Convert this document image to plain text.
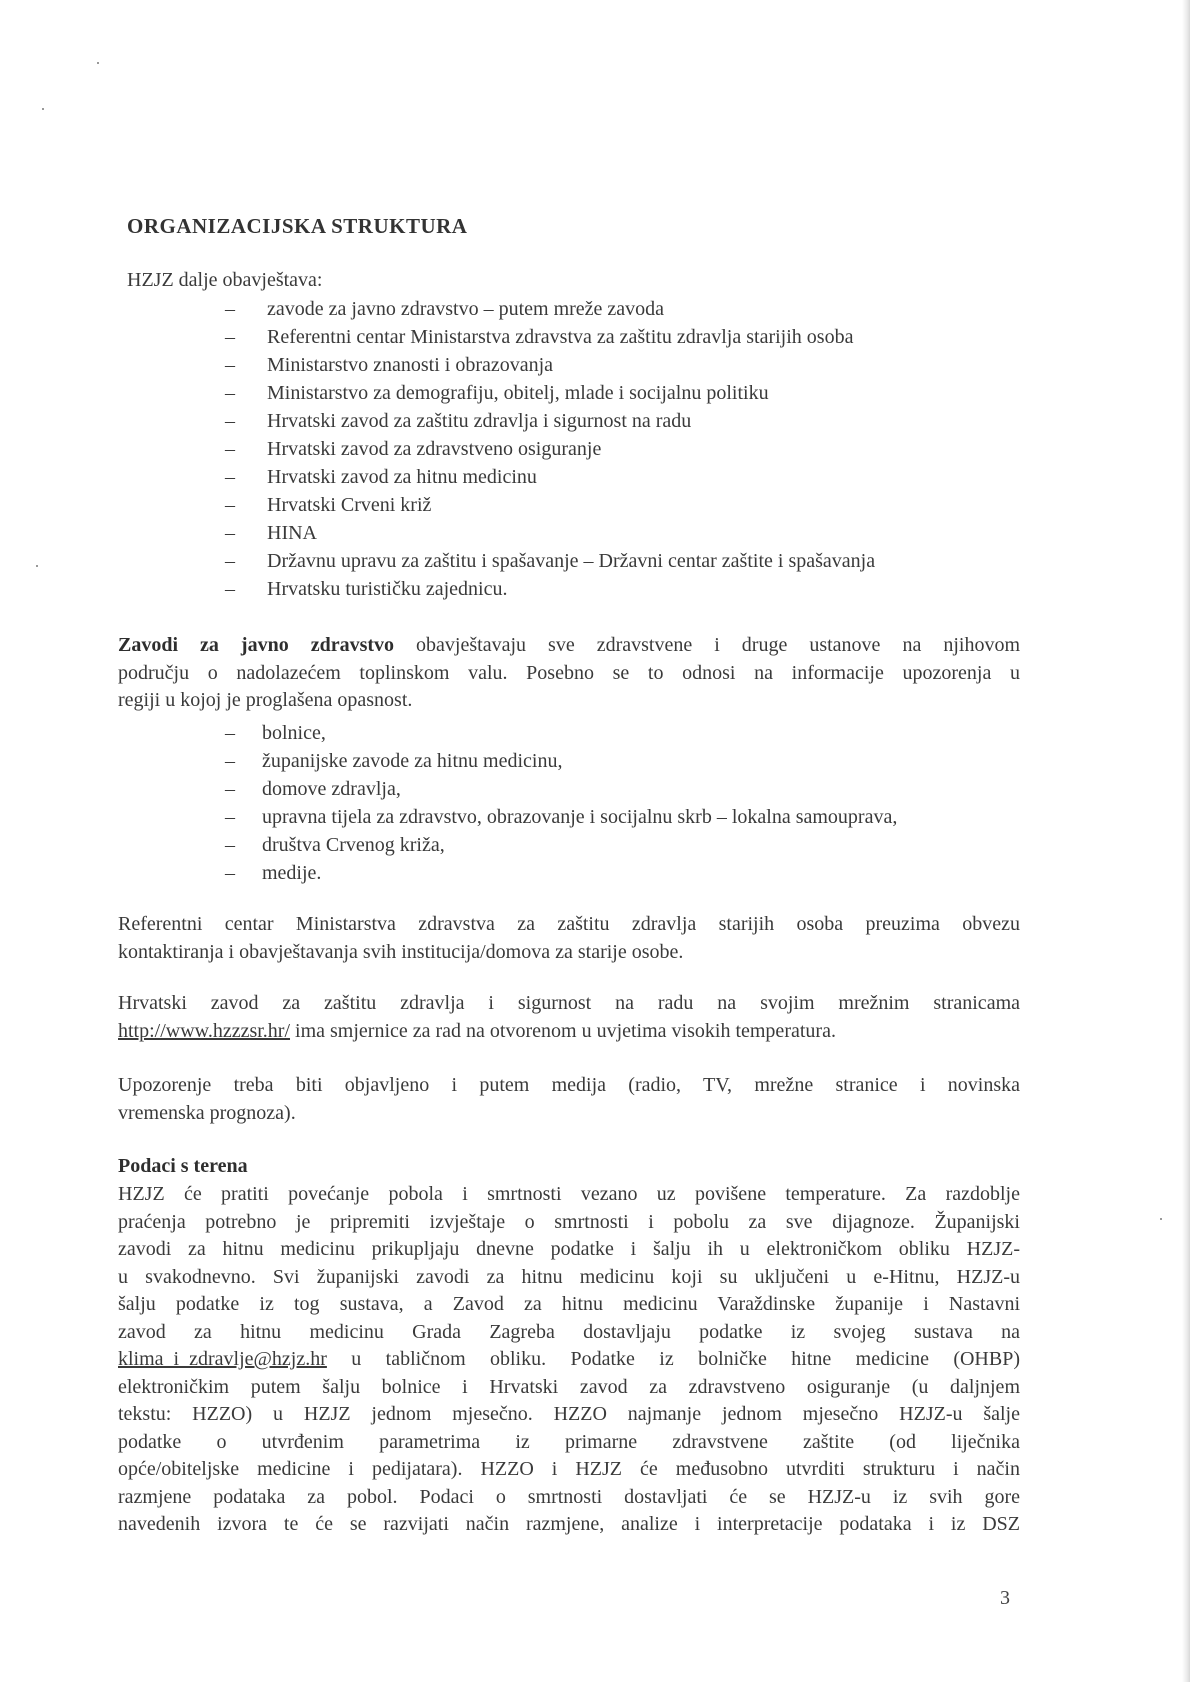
ORGANIZACIJSKA STRUKTURA
HZJZ dalje obavještava:
– zavode za javno zdravstvo – putem mreže zavoda
– Referentni centar Ministarstva zdravstva za zaštitu zdravlja starijih osoba
– Ministarstvo znanosti i obrazovanja
– Ministarstvo za demografiju, obitelj, mlade i socijalnu politiku
– Hrvatski zavod za zaštitu zdravlja i sigurnost na radu
– Hrvatski zavod za zdravstveno osiguranje
– Hrvatski zavod za hitnu medicinu
– Hrvatski Crveni križ
– HINA
– Državnu upravu za zaštitu i spašavanje – Državni centar zaštite i spašavanja
– Hrvatsku turističku zajednicu.
Zavodi za javno zdravstvo obavještavaju sve zdravstvene i druge ustanove na njihovom
području o nadolazećem toplinskom valu. Posebno se to odnosi na informacije upozorenja u
regiji u kojoj je proglašena opasnost.
– bolnice,
– županijske zavode za hitnu medicinu,
– domove zdravlja,
– upravna tijela za zdravstvo, obrazovanje i socijalnu skrb – lokalna samouprava,
– društva Crvenog križa,
– medije.
Referentni centar Ministarstva zdravstva za zaštitu zdravlja starijih osoba preuzima obvezu
kontaktiranja i obavještavanja svih institucija/domova za starije osobe.
Hrvatski zavod za zaštitu zdravlja i sigurnost na radu na svojim mrežnim stranicama
http://www.hzzzsr.hr/ ima smjernice za rad na otvorenom u uvjetima visokih temperatura.
Upozorenje treba biti objavljeno i putem medija (radio, TV, mrežne stranice i novinska
vremenska prognoza).
Podaci s terena
HZJZ će pratiti povećanje pobola i smrtnosti vezano uz povišene temperature. Za razdoblje
praćenja potrebno je pripremiti izvještaje o smrtnosti i pobolu za sve dijagnoze. Županijski
zavodi za hitnu medicinu prikupljaju dnevne podatke i šalju ih u elektroničkom obliku HZJZ-
u svakodnevno. Svi županijski zavodi za hitnu medicinu koji su uključeni u e-Hitnu, HZJZ-u
šalju podatke iz tog sustava, a Zavod za hitnu medicinu Varaždinske županije i Nastavni
zavod za hitnu medicinu Grada Zagreba dostavljaju podatke iz svojeg sustava na
klima_i_zdravlje@hzjz.hr u tabličnom obliku. Podatke iz bolničke hitne medicine (OHBP)
elektroničkim putem šalju bolnice i Hrvatski zavod za zdravstveno osiguranje (u daljnjem
tekstu: HZZO) u HZJZ jednom mjesečno. HZZO najmanje jednom mjesečno HZJZ-u šalje
podatke o utvrđenim parametrima iz primarne zdravstvene zaštite (od liječnika
opće/obiteljske medicine i pedijatara). HZZO i HZJZ će međusobno utvrditi strukturu i način
razmjene podataka za pobol. Podaci o smrtnosti dostavljati će se HZJZ-u iz svih gore
navedenih izvora te će se razvijati način razmjene, analize i interpretacije podataka i iz DSZ
3
